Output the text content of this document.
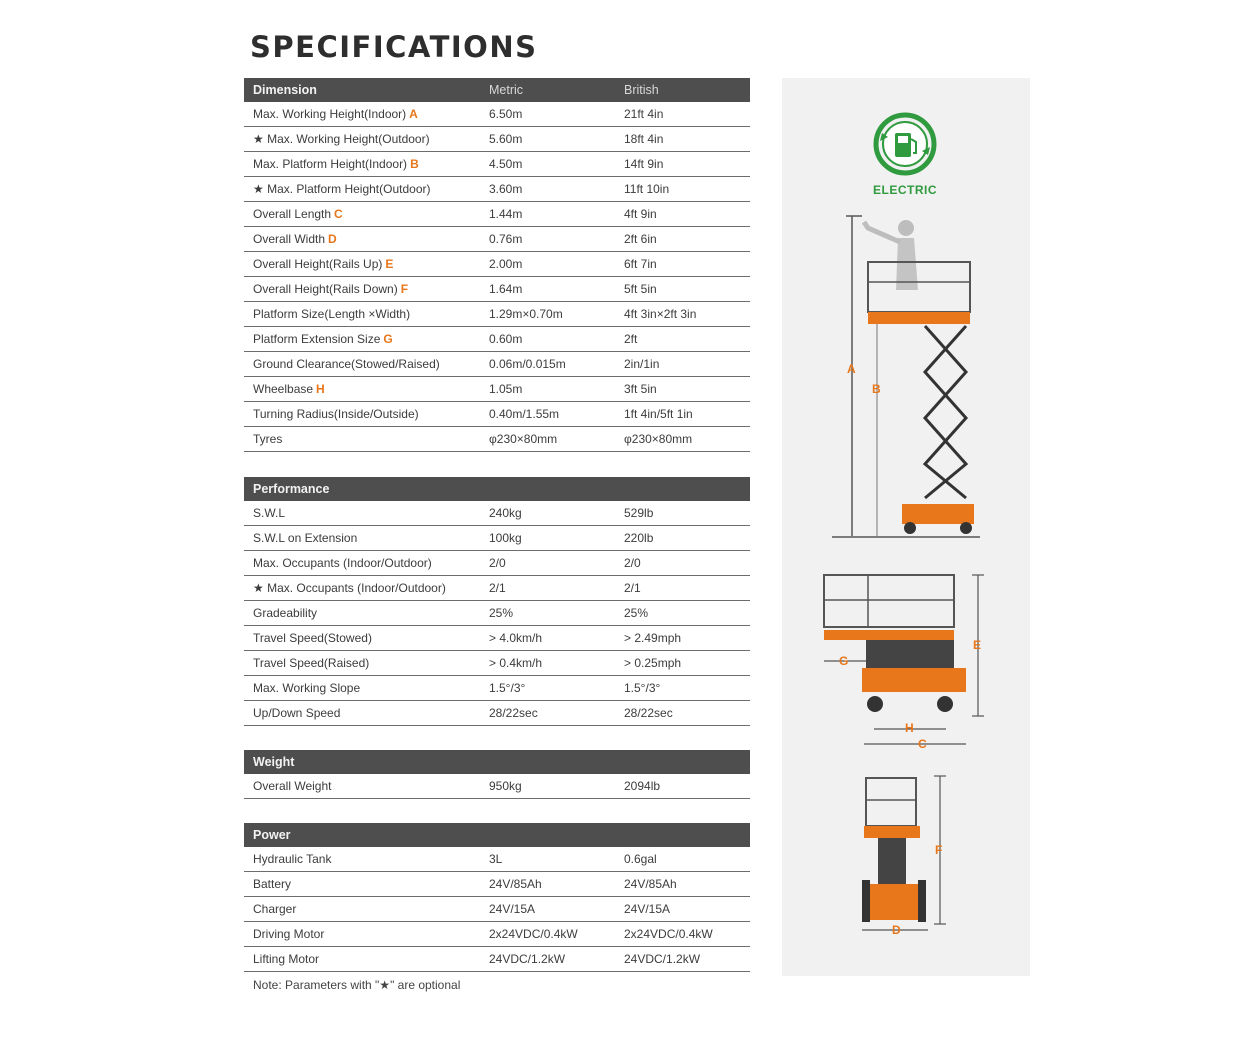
SPECIFICATIONS
Dimension	Metric	British
Max. Working Height(Indoor) A	6.50m	21ft 4in
★ Max. Working Height(Outdoor)	5.60m	18ft 4in
Max. Platform Height(Indoor) B	4.50m	14ft 9in
★ Max. Platform Height(Outdoor)	3.60m	11ft 10in
Overall Length C	1.44m	4ft 9in
Overall Width D	0.76m	2ft 6in
Overall Height(Rails Up) E	2.00m	6ft 7in
Overall Height(Rails Down) F	1.64m	5ft 5in
Platform Size(Length ×Width)	1.29m×0.70m	4ft 3in×2ft 3in
Platform Extension Size G	0.60m	2ft
Ground Clearance(Stowed/Raised)	0.06m/0.015m	2in/1in
Wheelbase H	1.05m	3ft 5in
Turning Radius(Inside/Outside)	0.40m/1.55m	1ft 4in/5ft 1in
Tyres	φ230×80mm	φ230×80mm
Performance
S.W.L	240kg	529lb
S.W.L on Extension	100kg	220lb
Max. Occupants (Indoor/Outdoor)	2/0	2/0
★ Max. Occupants (Indoor/Outdoor)	2/1	2/1
Gradeability	25%	25%
Travel Speed(Stowed)	> 4.0km/h	> 2.49mph
Travel Speed(Raised)	> 0.4km/h	> 0.25mph
Max. Working Slope	1.5°/3°	1.5°/3°
Up/Down Speed	28/22sec	28/22sec
Weight
Overall Weight	950kg	2094lb
Power
Hydraulic Tank	3L	0.6gal
Battery	24V/85Ah	24V/85Ah
Charger	24V/15A	24V/15A
Driving Motor	2x24VDC/0.4kW	2x24VDC/0.4kW
Lifting Motor	24VDC/1.2kW	24VDC/1.2kW
Note: Parameters with "★" are optional
ELECTRIC
A
B
E
G
H
C
F
D
